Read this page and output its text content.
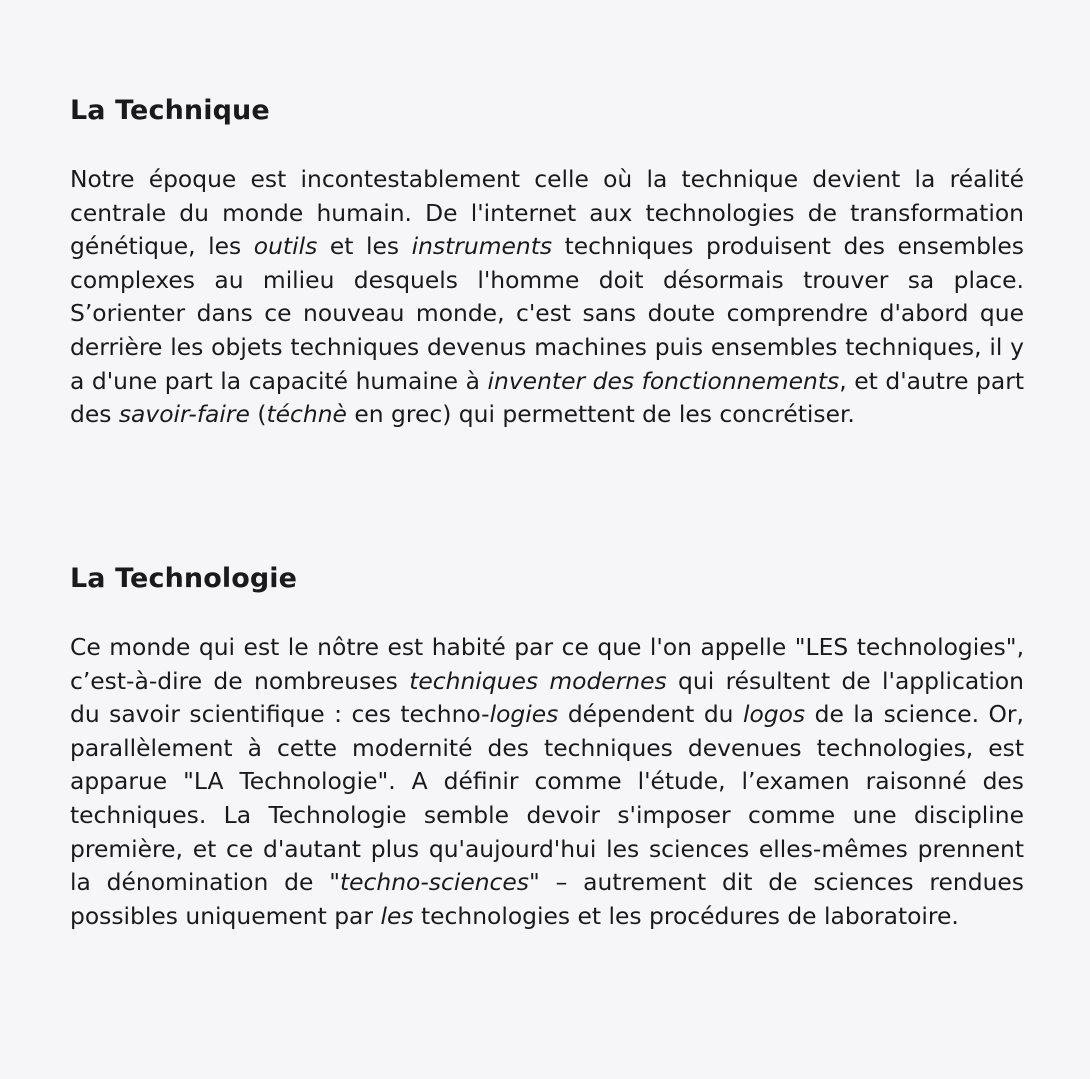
La Technique

Notre époque est incontestablement celle où la technique devient la réalité centrale du monde humain. De l'internet aux technologies de transformation génétique, les outils et les instruments techniques produisent des ensembles complexes au milieu desquels l'homme doit désormais trouver sa place. S’orienter dans ce nouveau monde, c'est sans doute comprendre d'abord que derrière les objets techniques devenus machines puis ensembles techniques, il y a d'une part la capacité humaine à inventer des fonctionnements, et d'autre part des savoir-faire (téchnè en grec) qui permettent de les concrétiser.

La Technologie

Ce monde qui est le nôtre est habité par ce que l'on appelle "LES technologies", c’est-à-dire de nombreuses techniques modernes qui résultent de l'application du savoir scientifique : ces techno-logies dépendent du logos de la science. Or, parallèlement à cette modernité des techniques devenues technologies, est apparue "LA Technologie". A définir comme l'étude, l’examen raisonné des techniques. La Technologie semble devoir s'imposer comme une discipline première, et ce d'autant plus qu'aujourd'hui les sciences elles-mêmes prennent la dénomination de "techno-sciences" – autrement dit de sciences rendues possibles uniquement par les technologies et les procédures de laboratoire.
